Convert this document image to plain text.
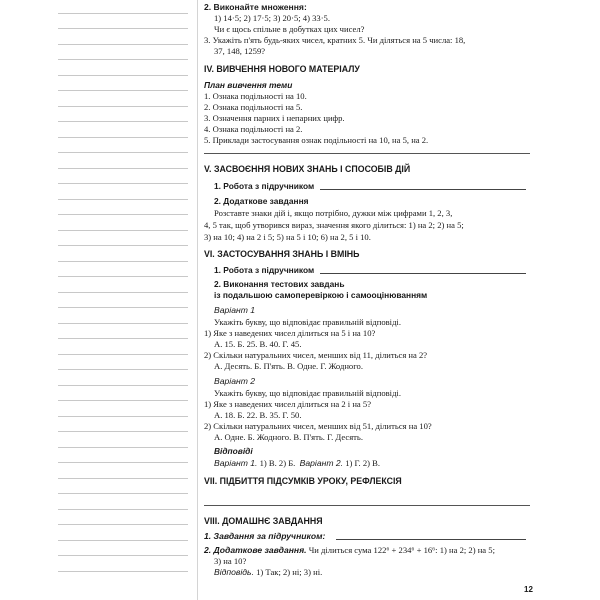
2. Виконайте множення:
1) 14·5; 2) 17·5; 3) 20·5; 4) 33·5.
Чи є щось спільне в добутках цих чисел?
3. Укажіть п'ять будь-яких чисел, кратних 5. Чи діляться на 5 числа: 18,
37, 148, 1259?
IV. ВИВЧЕННЯ НОВОГО МАТЕРІАЛУ
План вивчення теми
1. Ознака подільності на 10.
2. Ознака подільності на 5.
3. Означення парних і непарних цифр.
4. Ознака подільності на 2.
5. Приклади застосування ознак подільності на 10, на 5, на 2.
V. ЗАСВОЄННЯ НОВИХ ЗНАНЬ І СПОСОБІВ ДІЙ
1. Робота з підручником
2. Додаткове завдання
Розставте знаки дій і, якщо потрібно, дужки між цифрами 1, 2, 3,
4, 5 так, щоб утворився вираз, значення якого ділиться: 1) на 2; 2) на 5;
3) на 10; 4) на 2 і 5; 5) на 5 і 10; 6) на 2, 5 і 10.
VI. ЗАСТОСУВАННЯ ЗНАНЬ І ВМІНЬ
1. Робота з підручником
2. Виконання тестових завдань
із подальшою самоперевіркою і самооцінюванням
Варіант 1
Укажіть букву, що відповідає правильній відповіді.
1) Яке з наведених чисел ділиться на 5 і на 10?
А. 15. Б. 25. В. 40. Г. 45.
2) Скільки натуральних чисел, менших від 11, ділиться на 2?
А. Десять. Б. П'ять. В. Одне. Г. Жодного.
Варіант 2
Укажіть букву, що відповідає правильній відповіді.
1) Яке з наведених чисел ділиться на 2 і на 5?
А. 18. Б. 22. В. 35. Г. 50.
2) Скільки натуральних чисел, менших від 51, ділиться на 10?
А. Одне. Б. Жодного. В. П'ять. Г. Десять.
Відповіді
Варіант 1. 1) В. 2) Б. Варіант 2. 1) Г. 2) В.
VII. ПІДБИТТЯ ПІДСУМКІВ УРОКУ, РЕФЛЕКСІЯ
VIII. ДОМАШНЄ ЗАВДАННЯ
1. Завдання за підручником:
2. Додаткове завдання. Чи ділиться сума 122⁶ + 234⁶ + 16⁶: 1) на 2; 2) на 5;
3) на 10?
Відповідь. 1) Так; 2) ні; 3) ні.
12
